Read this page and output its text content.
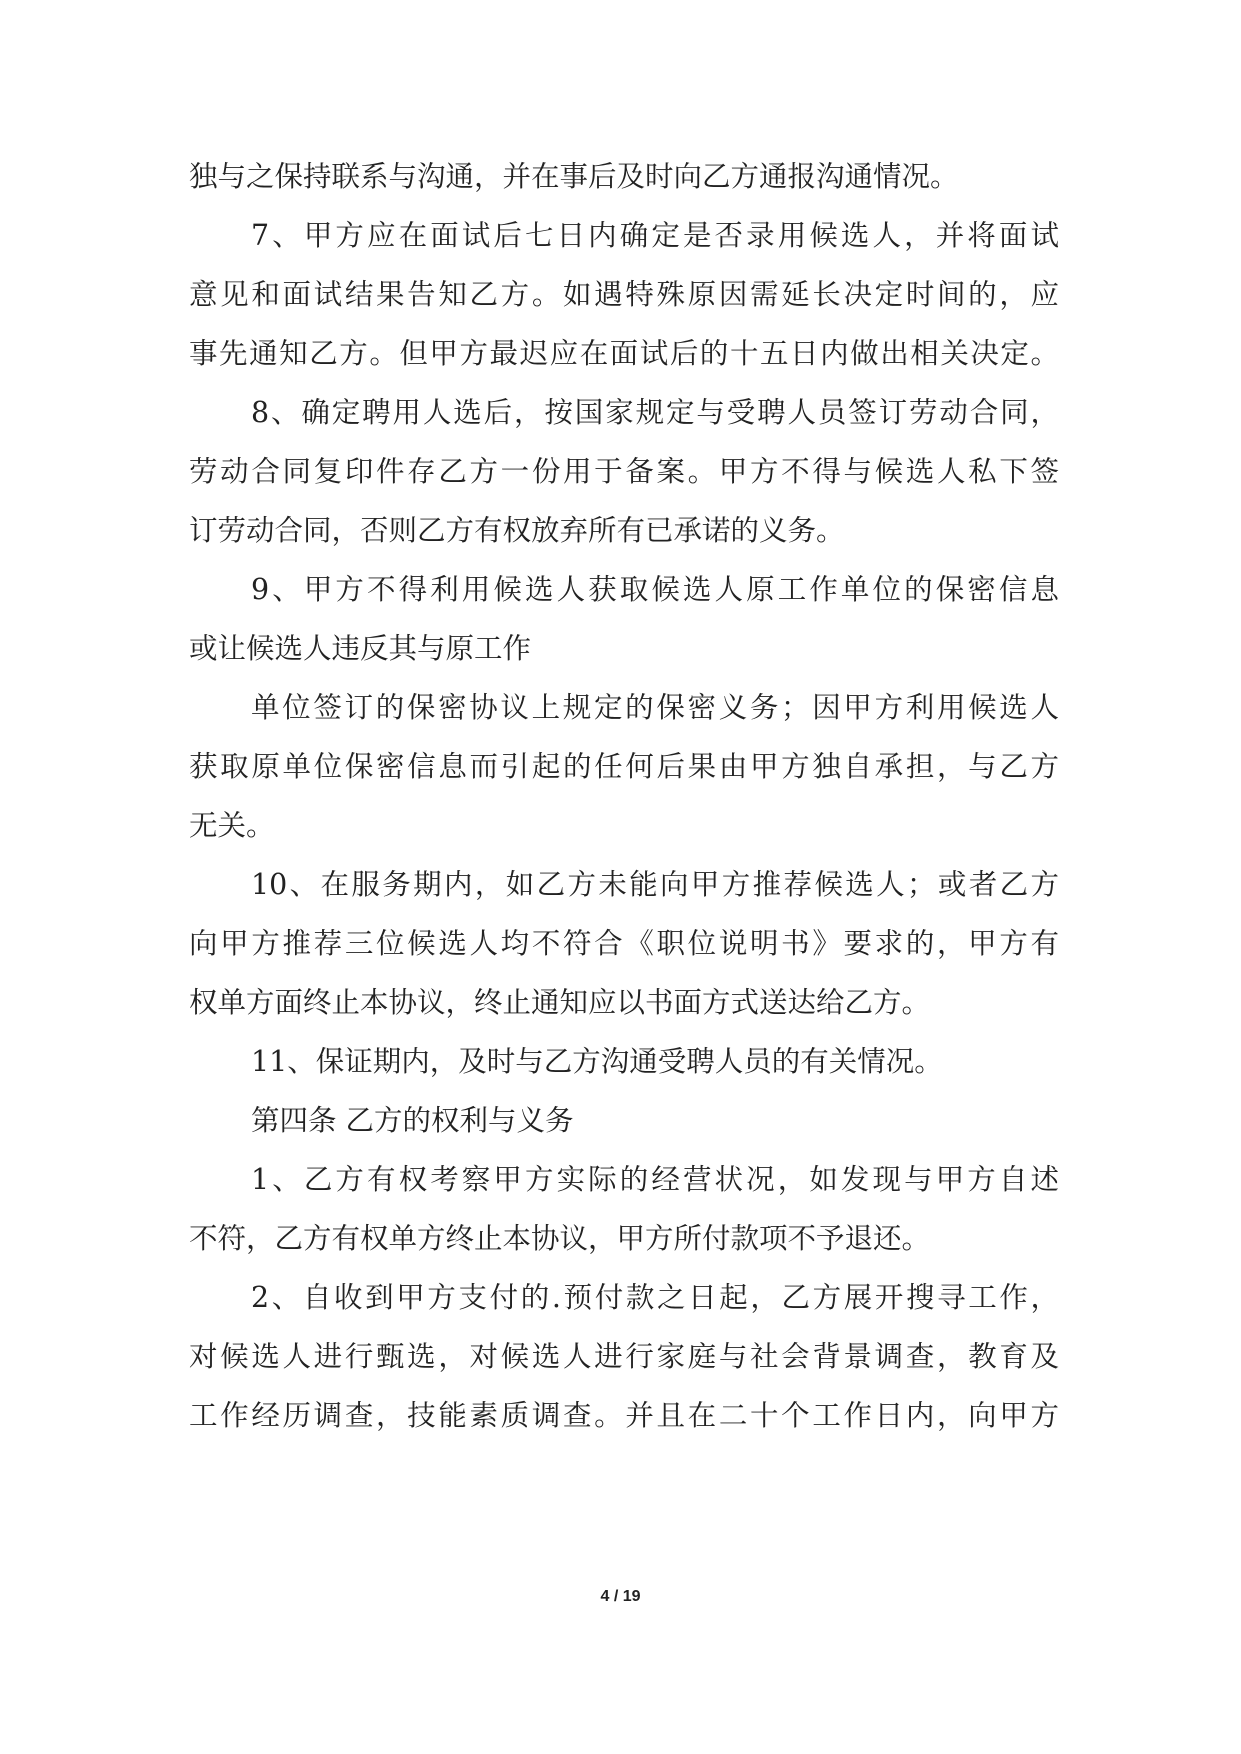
独与之保持联系与沟通，并在事后及时向乙方通报沟通情况。
7、甲方应在面试后七日内确定是否录用候选人，并将面试
意见和面试结果告知乙方。如遇特殊原因需延长决定时间的，应
事先通知乙方。但甲方最迟应在面试后的十五日内做出相关决定。
8、确定聘用人选后，按国家规定与受聘人员签订劳动合同，
劳动合同复印件存乙方一份用于备案。甲方不得与候选人私下签
订劳动合同，否则乙方有权放弃所有已承诺的义务。
9、甲方不得利用候选人获取候选人原工作单位的保密信息
或让候选人违反其与原工作
单位签订的保密协议上规定的保密义务；因甲方利用候选人
获取原单位保密信息而引起的任何后果由甲方独自承担，与乙方
无关。
10、在服务期内，如乙方未能向甲方推荐候选人；或者乙方
向甲方推荐三位候选人均不符合《职位说明书》要求的，甲方有
权单方面终止本协议，终止通知应以书面方式送达给乙方。
11、保证期内，及时与乙方沟通受聘人员的有关情况。
第四条 乙方的权利与义务
1、乙方有权考察甲方实际的经营状况，如发现与甲方自述
不符，乙方有权单方终止本协议，甲方所付款项不予退还。
2、自收到甲方支付的.预付款之日起，乙方展开搜寻工作，
对候选人进行甄选，对候选人进行家庭与社会背景调查，教育及
工作经历调查，技能素质调查。并且在二十个工作日内，向甲方
4 / 19
